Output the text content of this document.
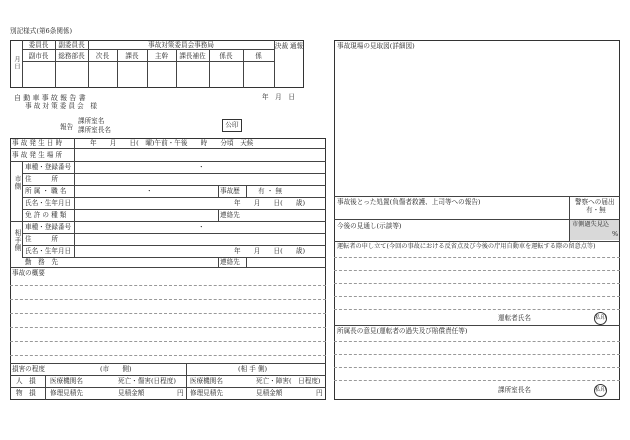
別記様式(第6条関係)
月日
委員長	副委員長	事故対策委員会事務局	決裁 通報
副市長	総務部長	次長	課長	主幹	課長補佐	係長	係
年　月　日
自 動 車 事 故 報 告 書
事 故 対 策 委 員 会　様
報告
課所室名
課所室長名
公印
事 故 発 生 日 時	年　　月　　日(　曜)午前・午後　　時　　分頃　天候
事 故 発 生 場 所
市側
車種・登録番号	・
住　　　所
所 属 ・ 職 名	・	事故歴	有 ・ 無
氏名・生年月日	年　　月　　日(　　歳)
免 許 の 種 類	連絡先
相手側
車種・登録番号	・
住　　　所
氏名・生年月日	年　　月　　日(　　歳)
勤　務　先	連絡先
事故の概要
損害の程度	(市　　側)	(相 手 側)
人　損 医療機関名	死亡・傷害(日程度) 医療機関名	死亡・障害(　日程度)
物　損 修理見積先	見積金額	円 修理見積先	見積金額	円
事故現場の見取図(詳細図)
事故後とった処置(負傷者救護、上司等への報告)	警察への届出
有・無
今後の見通し(示談等)	市側過失見込
%
運転者の申し立て(今回の事故における反省点及び今後の庁用自動車を運転する際の留意点等)
運転者氏名	私印
所属長の意見(運転者の過失及び賠償責任等)
課所室長名	私印
